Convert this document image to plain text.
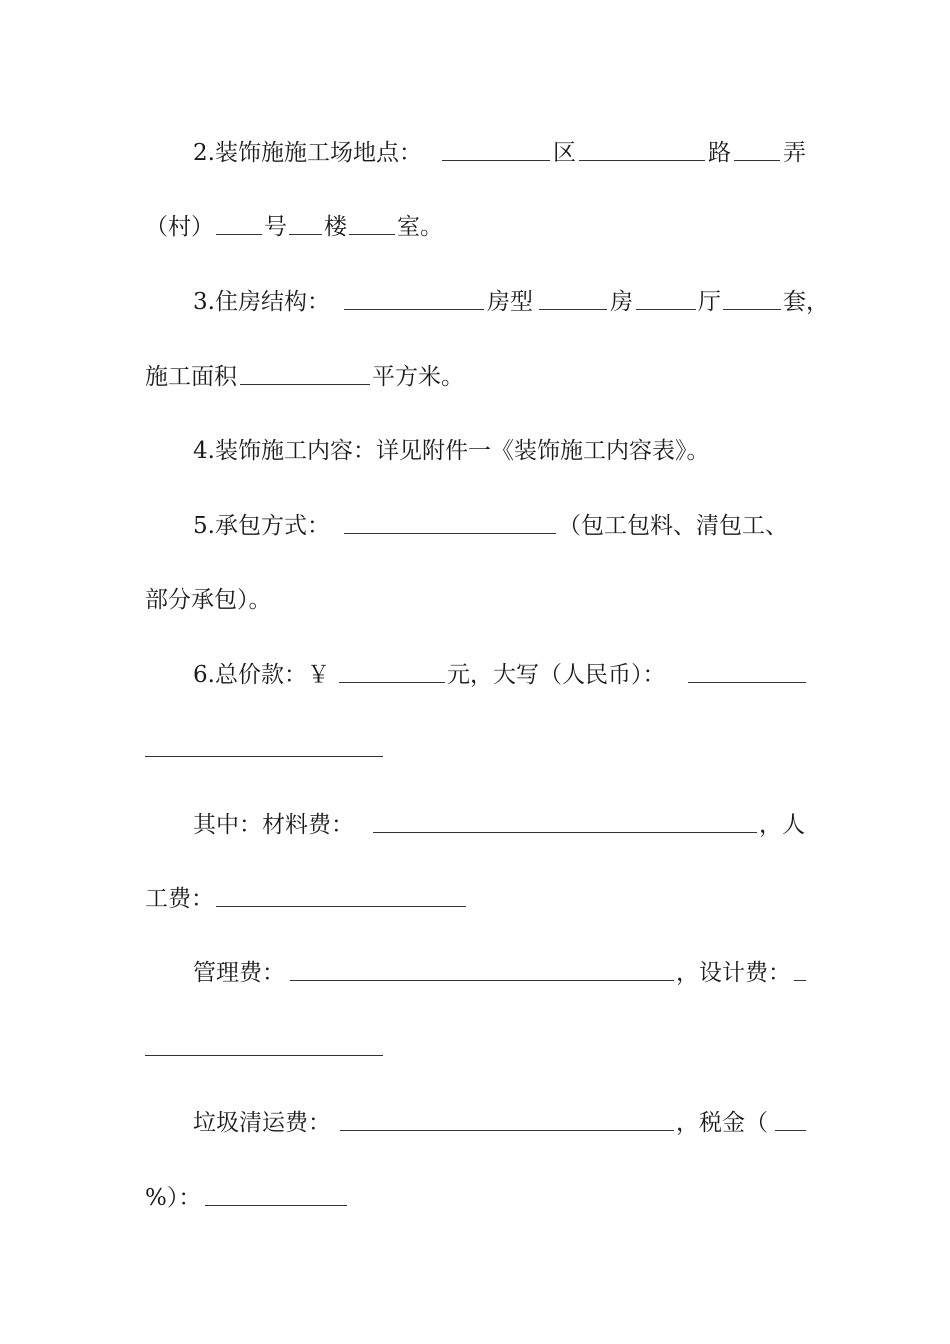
2.装饰施施工场地点：	区	路 弄
（村） 号 楼 室。
3.住房结构：	房型	房	厅	套，
施工面积	平方米。
4.装饰施工内容：详见附件一《装饰施工内容表》。
5.承包方式：	（包工包料、清包工、
部分承包）。
6.总价款：￥	元，大写（人民币）：
其中：材料费：	，人
工费：
管理费：	，设计费：
垃圾清运费：	，税金（
%）：
